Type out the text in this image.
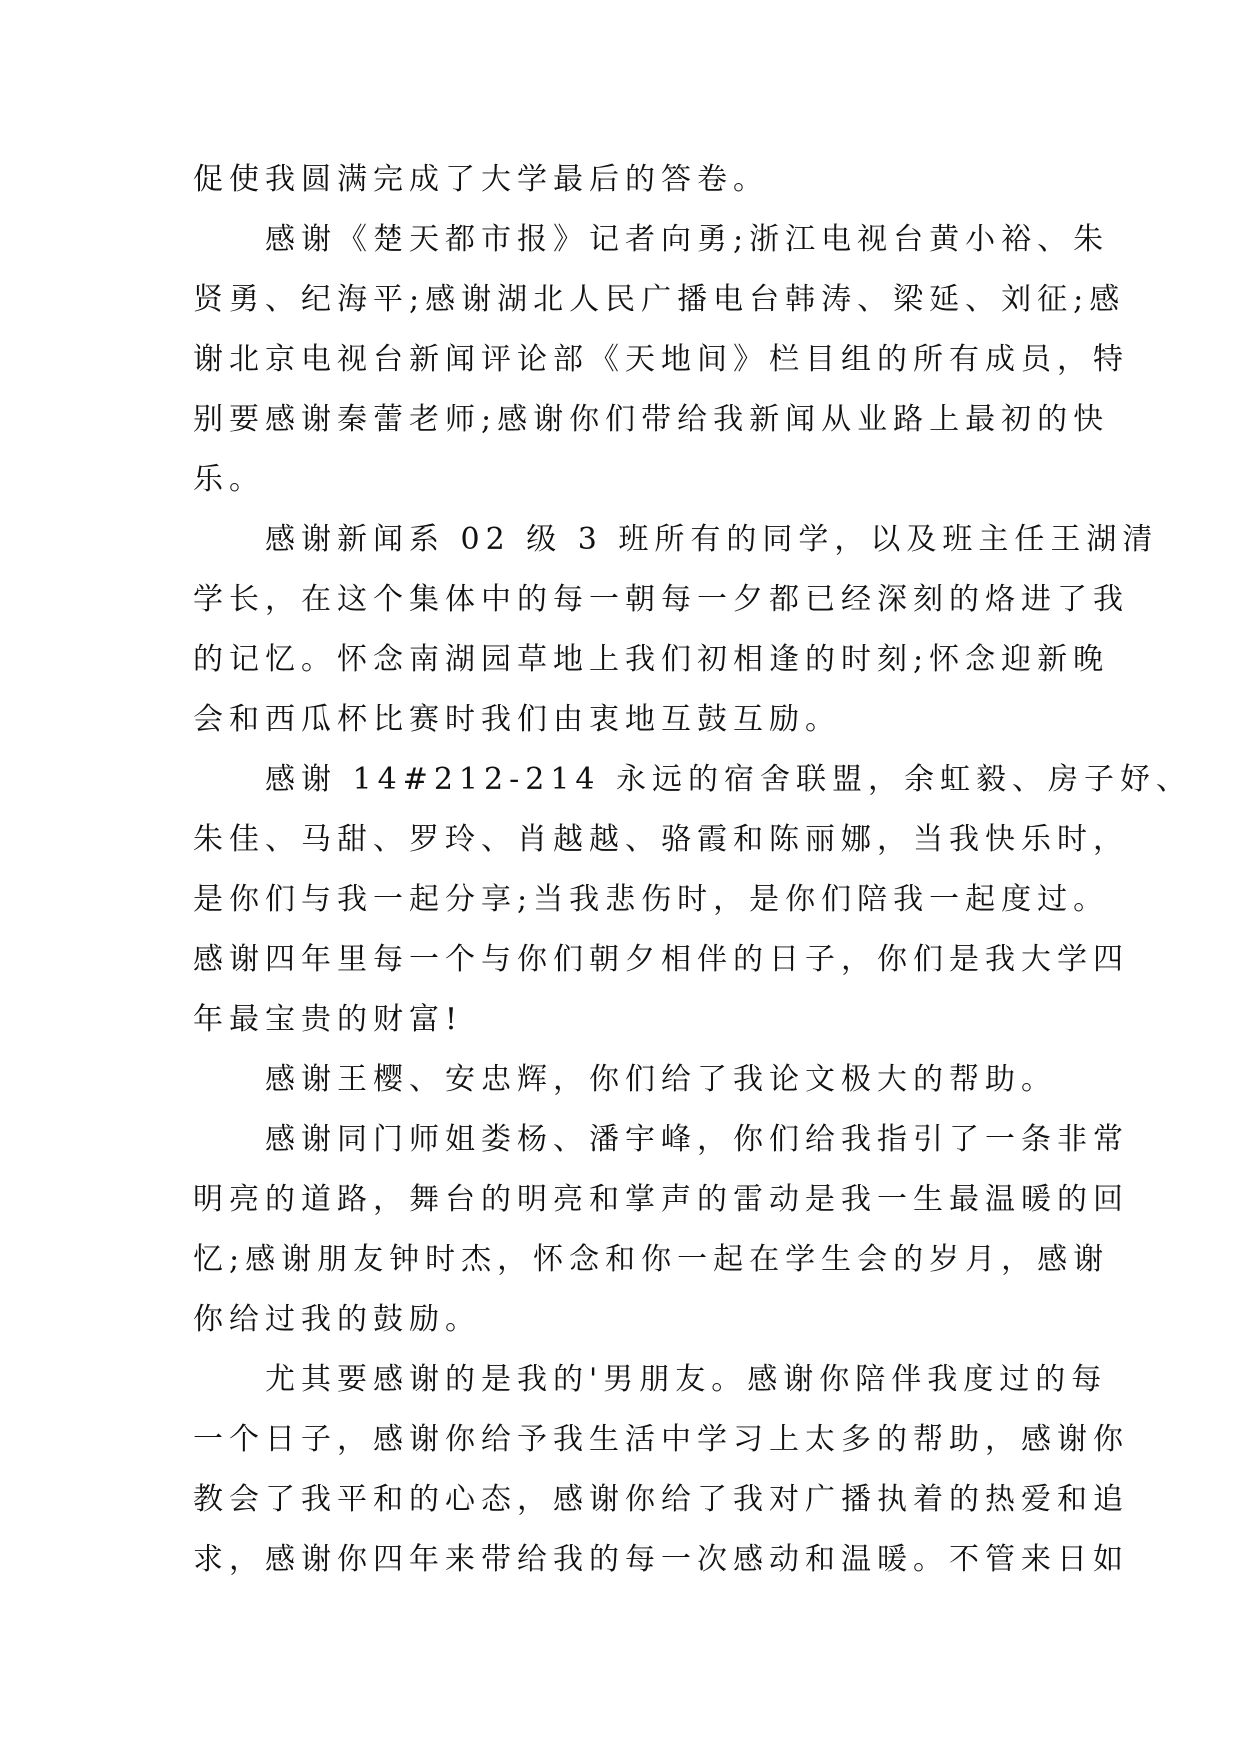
促使我圆满完成了大学最后的答卷。
感谢《楚天都市报》记者向勇;浙江电视台黄小裕、朱
贤勇、纪海平;感谢湖北人民广播电台韩涛、梁延、刘征;感
谢北京电视台新闻评论部《天地间》栏目组的所有成员，特
别要感谢秦蕾老师;感谢你们带给我新闻从业路上最初的快
乐。
感谢新闻系 02 级 3 班所有的同学，以及班主任王湖清
学长，在这个集体中的每一朝每一夕都已经深刻的烙进了我
的记忆。怀念南湖园草地上我们初相逢的时刻;怀念迎新晚
会和西瓜杯比赛时我们由衷地互鼓互励。
感谢 14#212-214 永远的宿舍联盟，余虹毅、房子妤、
朱佳、马甜、罗玲、肖越越、骆霞和陈丽娜，当我快乐时，
是你们与我一起分享;当我悲伤时，是你们陪我一起度过。
感谢四年里每一个与你们朝夕相伴的日子，你们是我大学四
年最宝贵的财富!
感谢王樱、安忠辉，你们给了我论文极大的帮助。
感谢同门师姐娄杨、潘宇峰，你们给我指引了一条非常
明亮的道路，舞台的明亮和掌声的雷动是我一生最温暖的回
忆;感谢朋友钟时杰，怀念和你一起在学生会的岁月，感谢
你给过我的鼓励。
尤其要感谢的是我的'男朋友。感谢你陪伴我度过的每
一个日子，感谢你给予我生活中学习上太多的帮助，感谢你
教会了我平和的心态，感谢你给了我对广播执着的热爱和追
求，感谢你四年来带给我的每一次感动和温暖。不管来日如
